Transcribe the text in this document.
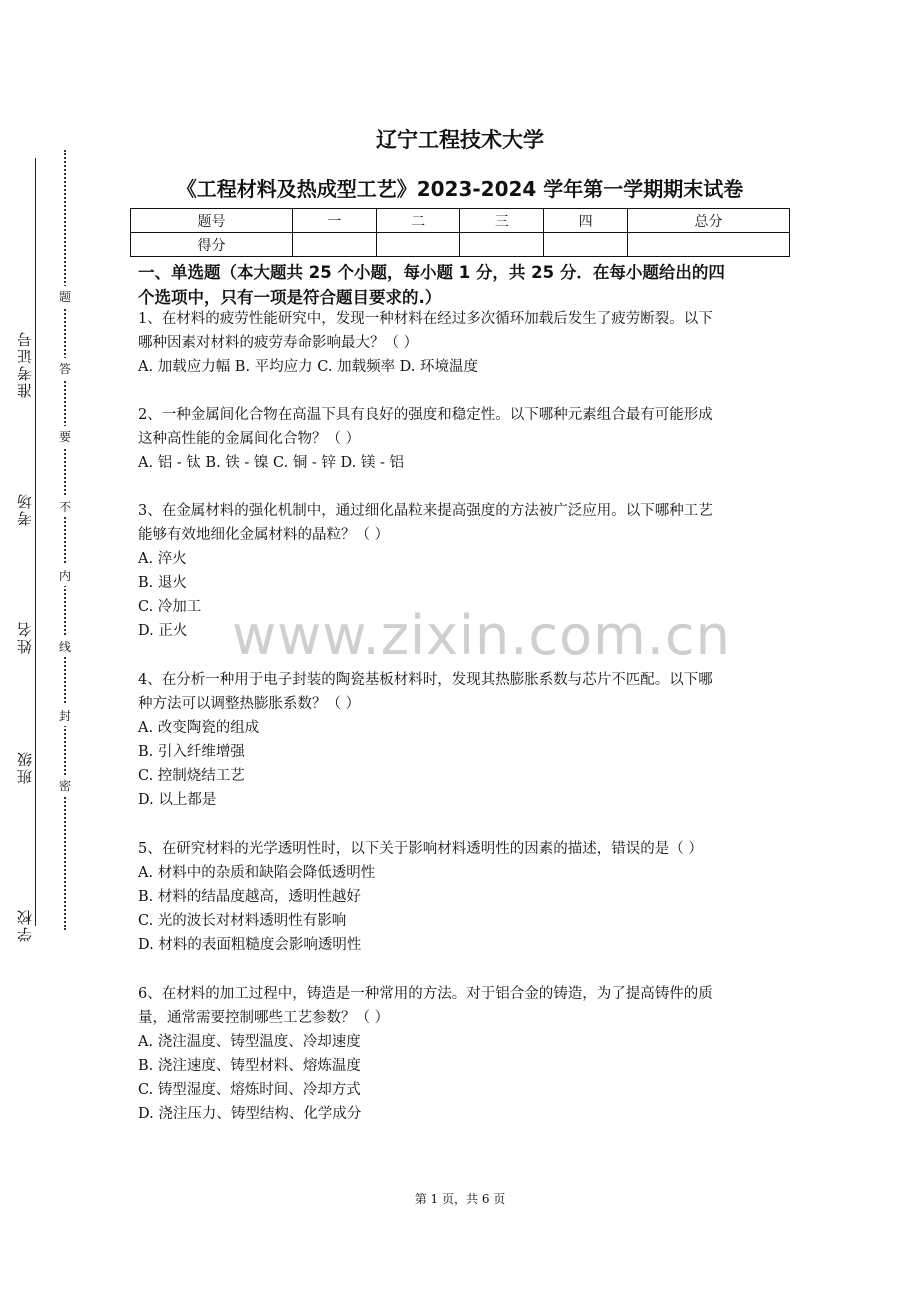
准考证号
考场
姓名
班级
学校
题
答
要
不
内
线
封
密
辽宁工程技术大学
《工程材料及热成型工艺》2023-2024 学年第一学期期末试卷
题号	一	二	三	四	总分
得分					
一、单选题（本大题共 25 个小题，每小题 1 分，共 25 分．在每小题给出的四
个选项中，只有一项是符合题目要求的.）

1、在材料的疲劳性能研究中，发现一种材料在经过多次循环加载后发生了疲劳断裂。以下

哪种因素对材料的疲劳寿命影响最大？（ ）

A. 加载应力幅 B. 平均应力 C. 加载频率 D. 环境温度

2、一种金属间化合物在高温下具有良好的强度和稳定性。以下哪种元素组合最有可能形成

这种高性能的金属间化合物？（ ）

A. 铝 - 钛 B. 铁 - 镍 C. 铜 - 锌 D. 镁 - 铝

3、在金属材料的强化机制中，通过细化晶粒来提高强度的方法被广泛应用。以下哪种工艺

能够有效地细化金属材料的晶粒？（ ）

A. 淬火

B. 退火

C. 冷加工

D. 正火

4、在分析一种用于电子封装的陶瓷基板材料时，发现其热膨胀系数与芯片不匹配。以下哪

种方法可以调整热膨胀系数？（ ）

A. 改变陶瓷的组成

B. 引入纤维增强

C. 控制烧结工艺

D. 以上都是

5、在研究材料的光学透明性时，以下关于影响材料透明性的因素的描述，错误的是（ ）

A. 材料中的杂质和缺陷会降低透明性

B. 材料的结晶度越高，透明性越好

C. 光的波长对材料透明性有影响

D. 材料的表面粗糙度会影响透明性

6、在材料的加工过程中，铸造是一种常用的方法。对于铝合金的铸造，为了提高铸件的质

量，通常需要控制哪些工艺参数？（ ）

A. 浇注温度、铸型温度、冷却速度

B. 浇注速度、铸型材料、熔炼温度

C. 铸型湿度、熔炼时间、冷却方式

D. 浇注压力、铸型结构、化学成分

www.zixin.com.cn
第 1 页，共 6 页
